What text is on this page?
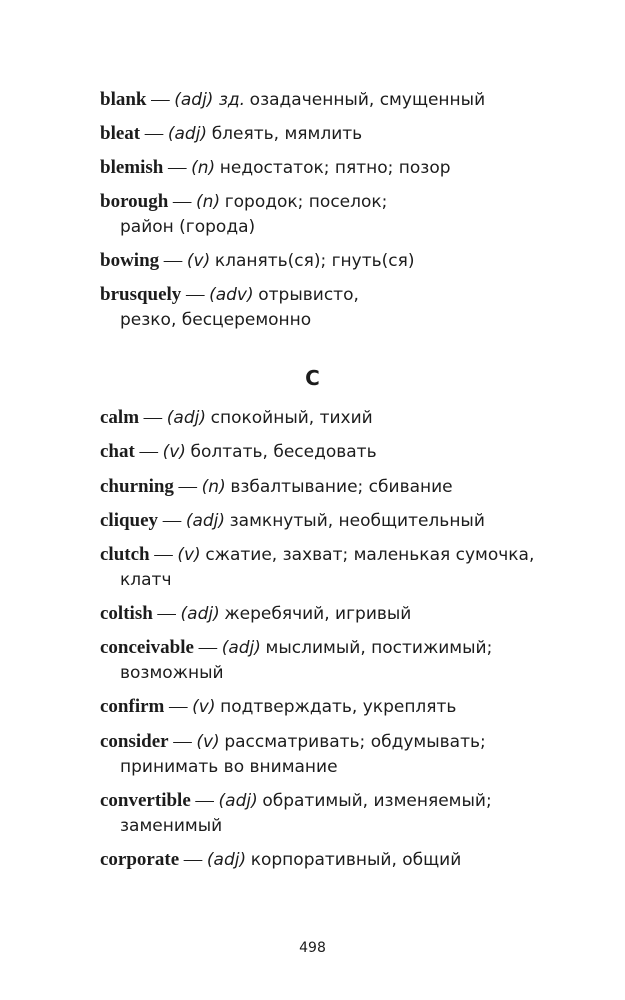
blank — (adj) зд. озадаченный, смущенный
bleat — (adj) блеять, мямлить
blemish — (n) недостаток; пятно; позор
borough — (n) городок; поселок;
район (города)
bowing — (v) кланять(ся); гнуть(ся)
brusquely — (adv) отрывисто,
резко, бесцеремонно
C
calm — (adj) спокойный, тихий
chat — (v) болтать, беседовать
churning — (n) взбалтывание; сбивание
cliquey — (adj) замкнутый, необщительный
clutch — (v) сжатие, захват; маленькая сумочка,
клатч
coltish — (adj) жеребячий, игривый
conceivable — (adj) мыслимый, постижимый;
возможный
confirm — (v) подтверждать, укреплять
consider — (v) рассматривать; обдумывать;
принимать во внимание
convertible — (adj) обратимый, изменяемый;
заменимый
corporate — (adj) корпоративный, общий
498
